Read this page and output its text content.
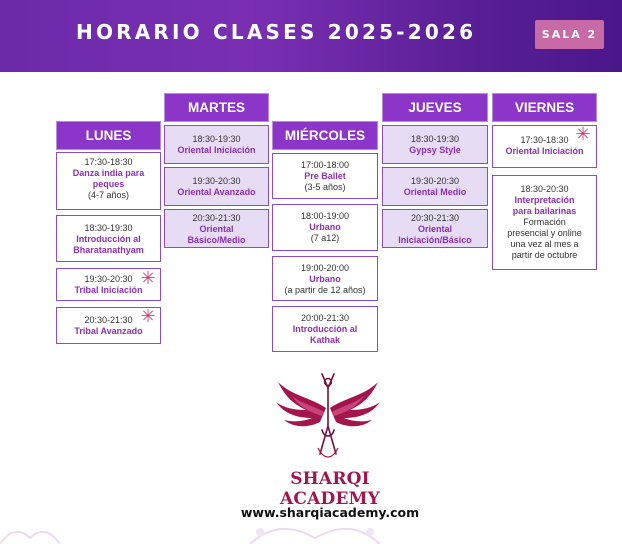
HORARIO CLASES 2025-2026	SALA 2
LUNES
17:30-18:30
Danza india para peques
(4-7 años)
18:30-19:30
Introducción al Bharatanathyam
19:30-20:30
Tribal Iniciación
✳
20:30-21:30
Tribal Avanzado
✳
MARTES
18:30-19:30
Oriental Iniciación
19:30-20:30
Oriental Avanzado
20:30-21:30
Oriental Básico/Medio
MIÉRCOLES
17:00-18:00
Pre Ballet
(3-5 años)
18:00-19:00
Urbano
(7 a12)
19:00-20:00
Urbano
(a partir de 12 años)
20:00-21:30
Introducción al Kathak
JUEVES
18:30-19:30
Gypsy Style
19:30-20:30
Oriental Medio
20:30-21:30
Oriental Iniciación/Básico
VIERNES
17:30-18:30
Oriental Iniciación
✳
18:30-20:30
Interpretación para bailarinas
Formación presencial y online una vez al mes a partir de octubre
SHARQI ACADEMY
www.sharqiacademy.com
